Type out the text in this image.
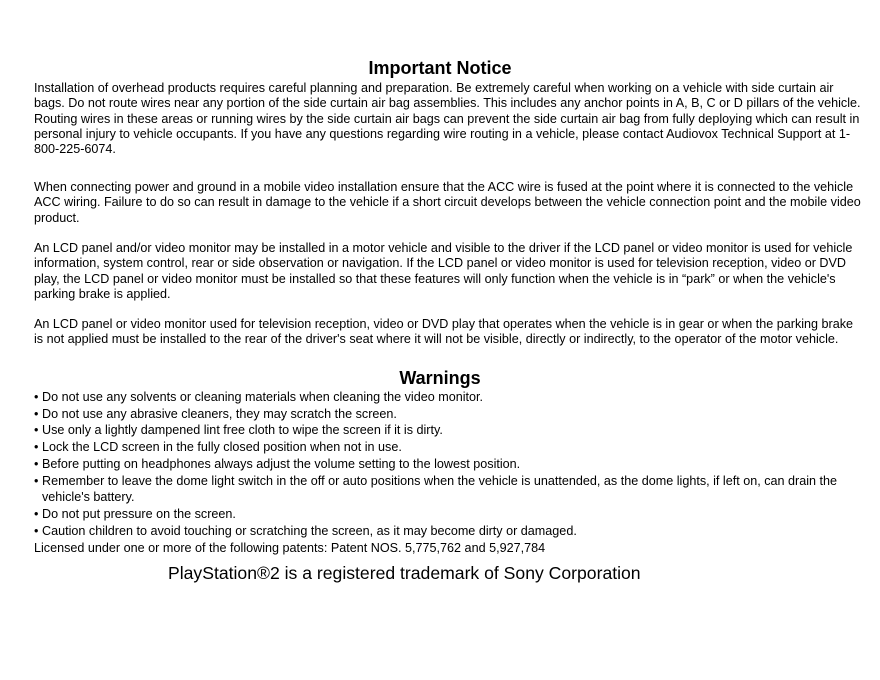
Important Notice

Installation of overhead products requires careful planning and preparation. Be extremely careful when working on a vehicle with side curtain air bags. Do not route wires near any portion of the side curtain air bag assemblies. This includes any anchor points in A, B, C or D pillars of the vehicle. Routing wires in these areas or running wires by the side curtain air bags can prevent the side curtain air bag from fully deploying which can result in personal injury to vehicle occupants. If you have any questions regarding wire routing in a vehicle, please contact Audiovox Technical Support at 1-800-225-6074.

When connecting power and ground in a mobile video installation ensure that the ACC wire is fused at the point where it is connected to the vehicle ACC wiring. Failure to do so can result in damage to the vehicle if a short circuit develops between the vehicle connection point and the mobile video product.

An LCD panel and/or video monitor may be installed in a motor vehicle and visible to the driver if the LCD panel or video monitor is used for vehicle information, system control, rear or side observation or navigation. If the LCD panel or video monitor is used for television reception, video or DVD play, the LCD panel or video monitor must be installed so that these features will only function when the vehicle is in “park” or when the vehicle's parking brake is applied.

An LCD panel or video monitor used for television reception, video or DVD play that operates when the vehicle is in gear or when the parking brake is not applied must be installed to the rear of the driver's seat where it will not be visible, directly or indirectly, to the operator of the motor vehicle.

Warnings
• Do not use any solvents or cleaning materials when cleaning the video monitor.
• Do not use any abrasive cleaners, they may scratch the screen.
• Use only a lightly dampened lint free cloth to wipe the screen if it is dirty.
• Lock the LCD screen in the fully closed position when not in use.
• Before putting on headphones always adjust the volume setting to the lowest position.
• Remember to leave the dome light switch in the off or auto positions when the vehicle is unattended, as the dome lights, if left on, can drain the vehicle's battery.
• Do not put pressure on the screen.
• Caution children to avoid touching or scratching the screen, as it may become dirty or damaged.

Licensed under one or more of the following patents: Patent NOS. 5,775,762 and 5,927,784

PlayStation®2 is a registered trademark of Sony Corporation
